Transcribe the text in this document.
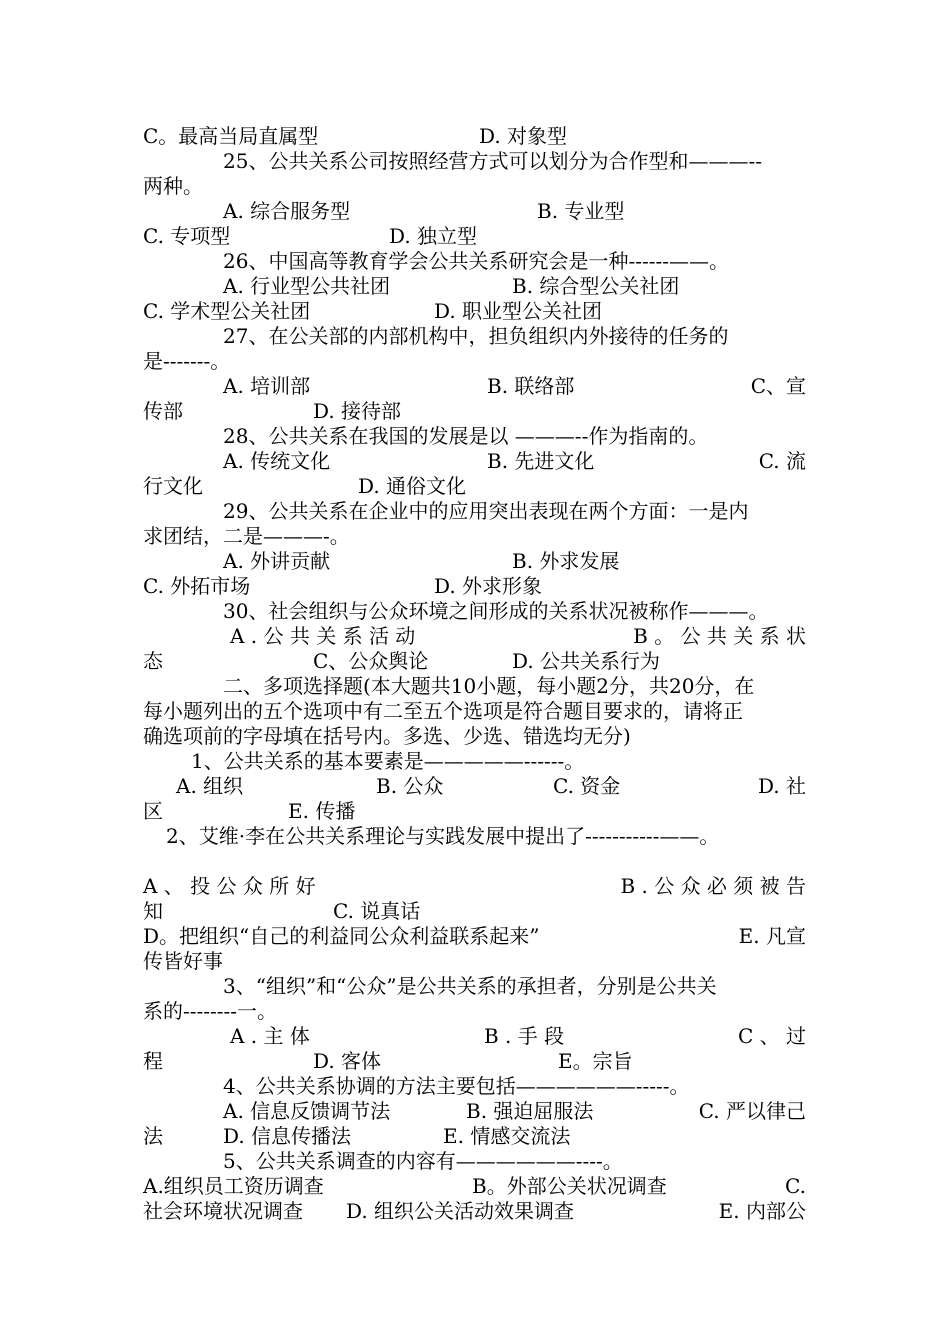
C。最高当局直属型	D. 对象型
25、公共关系公司按照经营方式可以划分为合作型和———--
两种。
A. 综合服务型	B. 专业型
C. 专项型	D. 独立型
26、中国高等教育学会公共关系研究会是一种------——。
A. 行业型公共社团	B. 综合型公关社团
C. 学术型公关社团	D. 职业型公关社团
27、在公关部的内部机构中，担负组织内外接待的任务的
是-------。
A. 培训部	B. 联络部	C、宣
传部	D. 接待部
28、公共关系在我国的发展是以 ———--作为指南的。
A. 传统文化	B. 先进文化	C. 流
行文化	D. 通俗文化
29、公共关系在企业中的应用突出表现在两个方面：一是内
求团结，二是———-。
A. 外讲贡献	B. 外求发展
C. 外拓市场	D. 外求形象
30、社会组织与公众环境之间形成的关系状况被称作———。
A . 公 共 关 系 活 动	B 。 公 共 关 系 状
态	C、公众舆论	D. 公共关系行为
二、多项选择题(本大题共10小题，每小题2分，共20分，在
每小题列出的五个选项中有二至五个选项是符合题目要求的，请将正
确选项前的字母填在括号内。多选、少选、错选均无分)
1、公共关系的基本要素是—————------。
A. 组织	B. 公众	C. 资金	D. 社
区	E. 传播
2、艾维·李在公共关系理论与实践发展中提出了-----------——。
A 、 投 公 众 所 好	B . 公 众 必 须 被 告
知	C. 说真话
D。把组织“自己的利益同公众利益联系起来”	E. 凡宣
传皆好事
3、“组织”和“公众”是公共关系的承担者，分别是公共关
系的--------一。
A . 主 体	B . 手 段	C 、 过
程	D. 客体	E。宗旨
4、公共关系协调的方法主要包括——————-----。
A. 信息反馈调节法	B. 强迫屈服法	C. 严以律己
法	D. 信息传播法	E. 情感交流法
5、公共关系调查的内容有——————----。
A.组织员工资历调查	B。外部公关状况调查	C.
社会环境状况调查 D. 组织公关活动效果调查	E. 内部公
